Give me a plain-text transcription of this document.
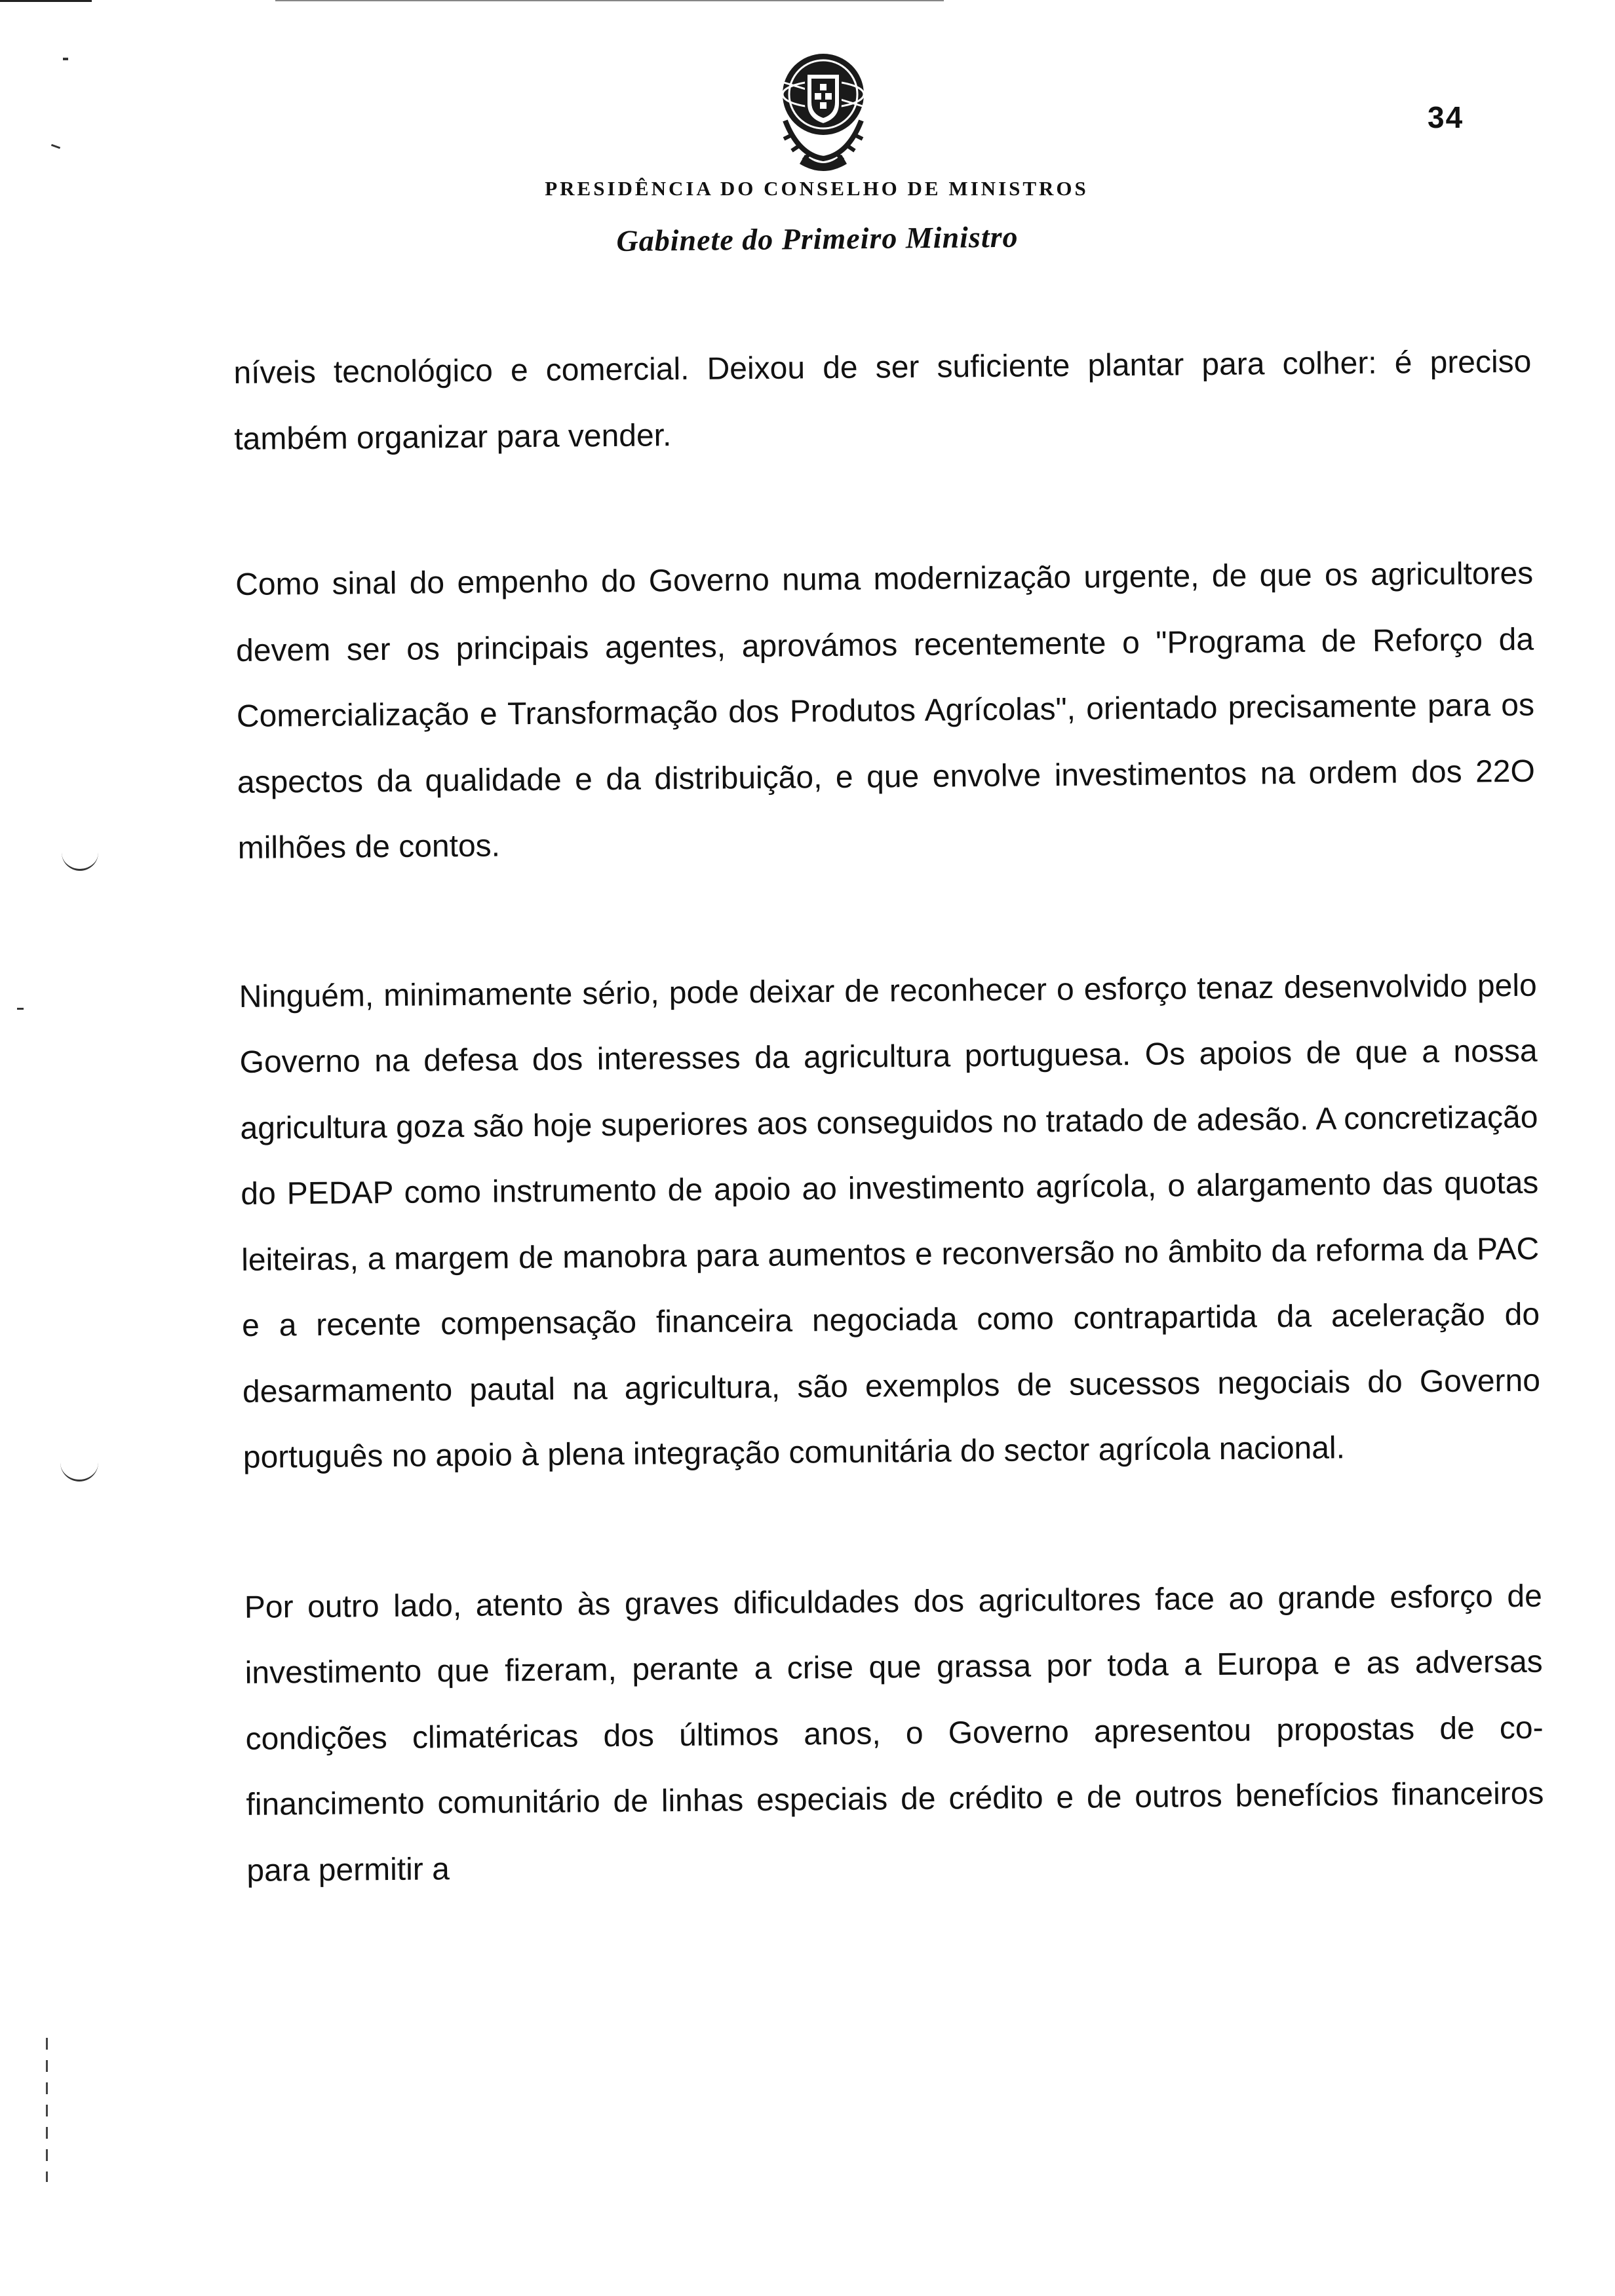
34
PRESIDÊNCIA DO CONSELHO DE MINISTROS
Gabinete do Primeiro Ministro

níveis tecnológico e comercial. Deixou de ser suficiente plantar para colher: é preciso também organizar para vender.

Como sinal do empenho do Governo numa modernização urgente, de que os agricultores devem ser os principais agentes, aprovámos recentemente o "Programa de Reforço da Comercialização e Transformação dos Produtos Agrícolas", orientado precisamente para os aspectos da qualidade e da distribuição, e que envolve investimentos na ordem dos 22O milhões de contos.

Ninguém, minimamente sério, pode deixar de reconhecer o esforço tenaz desenvolvido pelo Governo na defesa dos interesses da agricultura portuguesa. Os apoios de que a nossa agricultura goza são hoje superiores aos conseguidos no tratado de adesão. A concretização do PEDAP como instrumento de apoio ao investimento agrícola, o alargamento das quotas leiteiras, a margem de manobra para aumentos e reconversão no âmbito da reforma da PAC e a recente compensação financeira negociada como contrapartida da aceleração do desarmamento pautal na agricultura, são exemplos de sucessos negociais do Governo português no apoio à plena integração comunitária do sector agrícola nacional.

Por outro lado, atento às graves dificuldades dos agricultores face ao grande esforço de investimento que fizeram, perante a crise que grassa por toda a Europa e as adversas condições climatéricas dos últimos anos, o Governo apresentou propostas de co-financimento comunitário de linhas especiais de crédito e de outros benefícios financeiros para permitir a
